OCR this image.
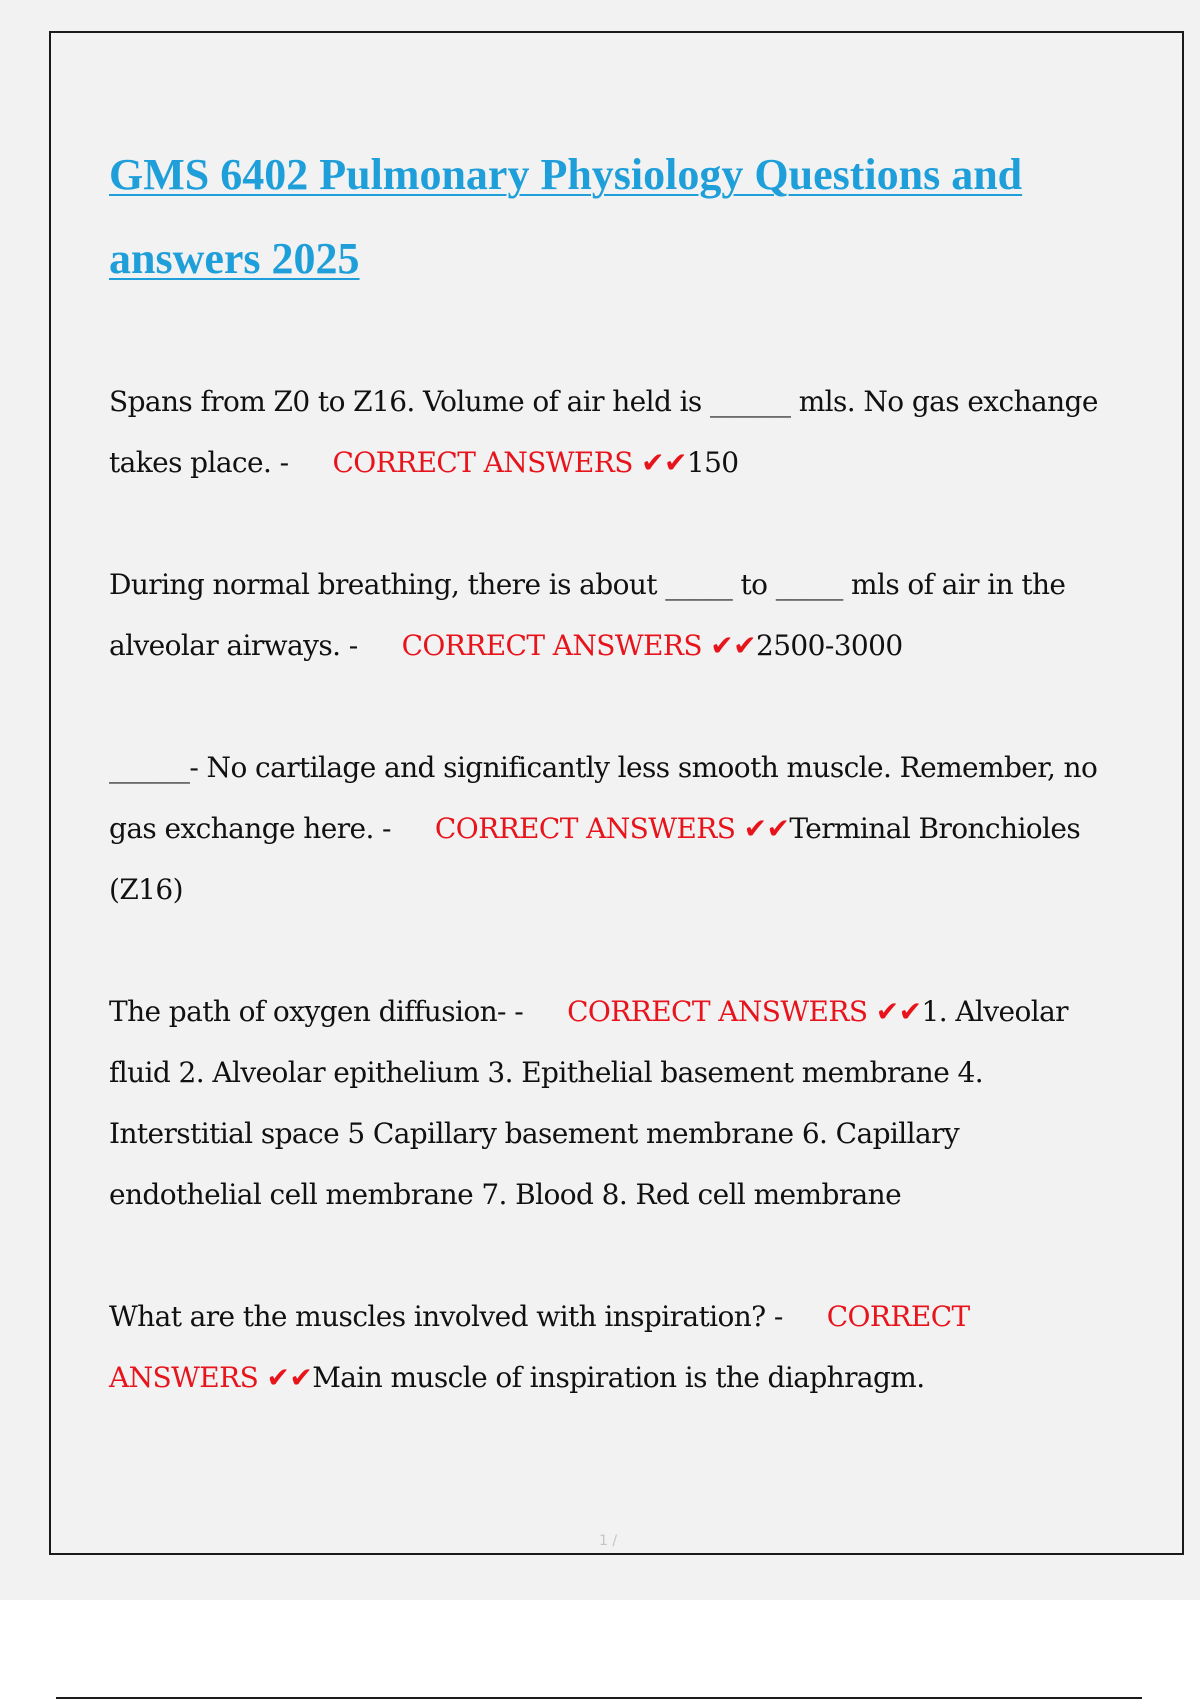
GMS 6402 Pulmonary Physiology Questions and answers 2025

Spans from Z0 to Z16. Volume of air held is ______ mls. No gas exchange takes place. - CORRECT ANSWERS ✔✔150

During normal breathing, there is about _____ to _____ mls of air in the alveolar airways. - CORRECT ANSWERS ✔✔2500-3000

______- No cartilage and significantly less smooth muscle. Remember, no gas exchange here. - CORRECT ANSWERS ✔✔Terminal Bronchioles (Z16)

The path of oxygen diffusion- - CORRECT ANSWERS ✔✔1. Alveolar fluid 2. Alveolar epithelium 3. Epithelial basement membrane 4. Interstitial space 5 Capillary basement membrane 6. Capillary endothelial cell membrane 7. Blood 8. Red cell membrane

What are the muscles involved with inspiration? - CORRECT ANSWERS ✔✔Main muscle of inspiration is the diaphragm.

1 /
